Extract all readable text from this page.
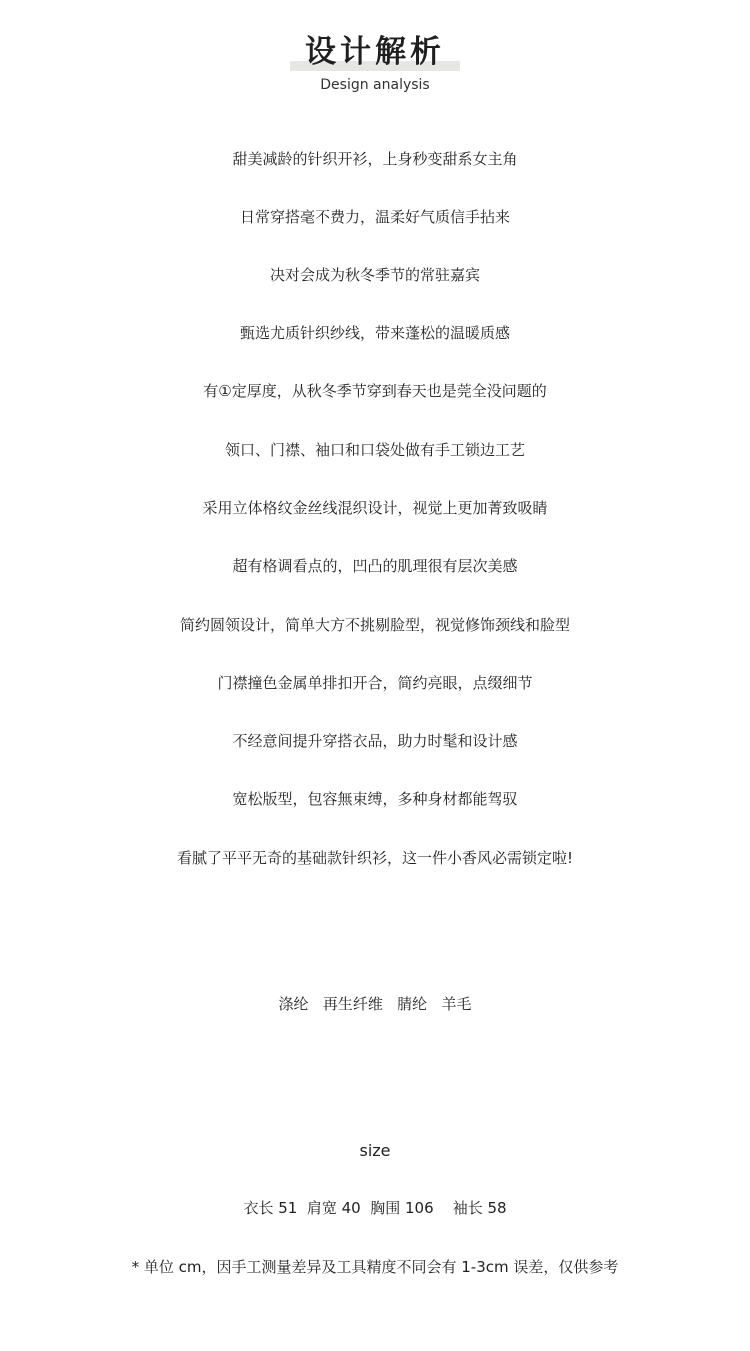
设计解析
Design analysis
甜美减龄的针织开衫，上身秒变甜系女主角
日常穿搭毫不费力，温柔好气质信手拈来
决对会成为秋冬季节的常驻嘉宾
甄选尤质针织纱线，带来蓬松的温暖质感
有①定厚度，从秋冬季节穿到春天也是莞全没问题的
领口、门襟、袖口和口袋处做有手工锁边工艺
采用立体格纹金丝线混织设计，视觉上更加菁致吸睛
超有格调看点的，凹凸的肌理很有层次美感
简约圆领设计，简单大方不挑剔脸型，视觉修饰颈线和脸型
门襟撞色金属单排扣开合，简约亮眼，点缀细节
不经意间提升穿搭衣品，助力时髦和设计感
宽松版型，包容無束缚，多种身材都能驾驭
看腻了平平无奇的基础款针织衫，这一件小香风必需锁定啦!
涤纶   再生纤维   腈纶   羊毛
size
衣长 51  肩宽 40  胸围 106    袖长 58
* 单位 cm，因手工测量差异及工具精度不同会有 1-3cm 误差，仅供参考
